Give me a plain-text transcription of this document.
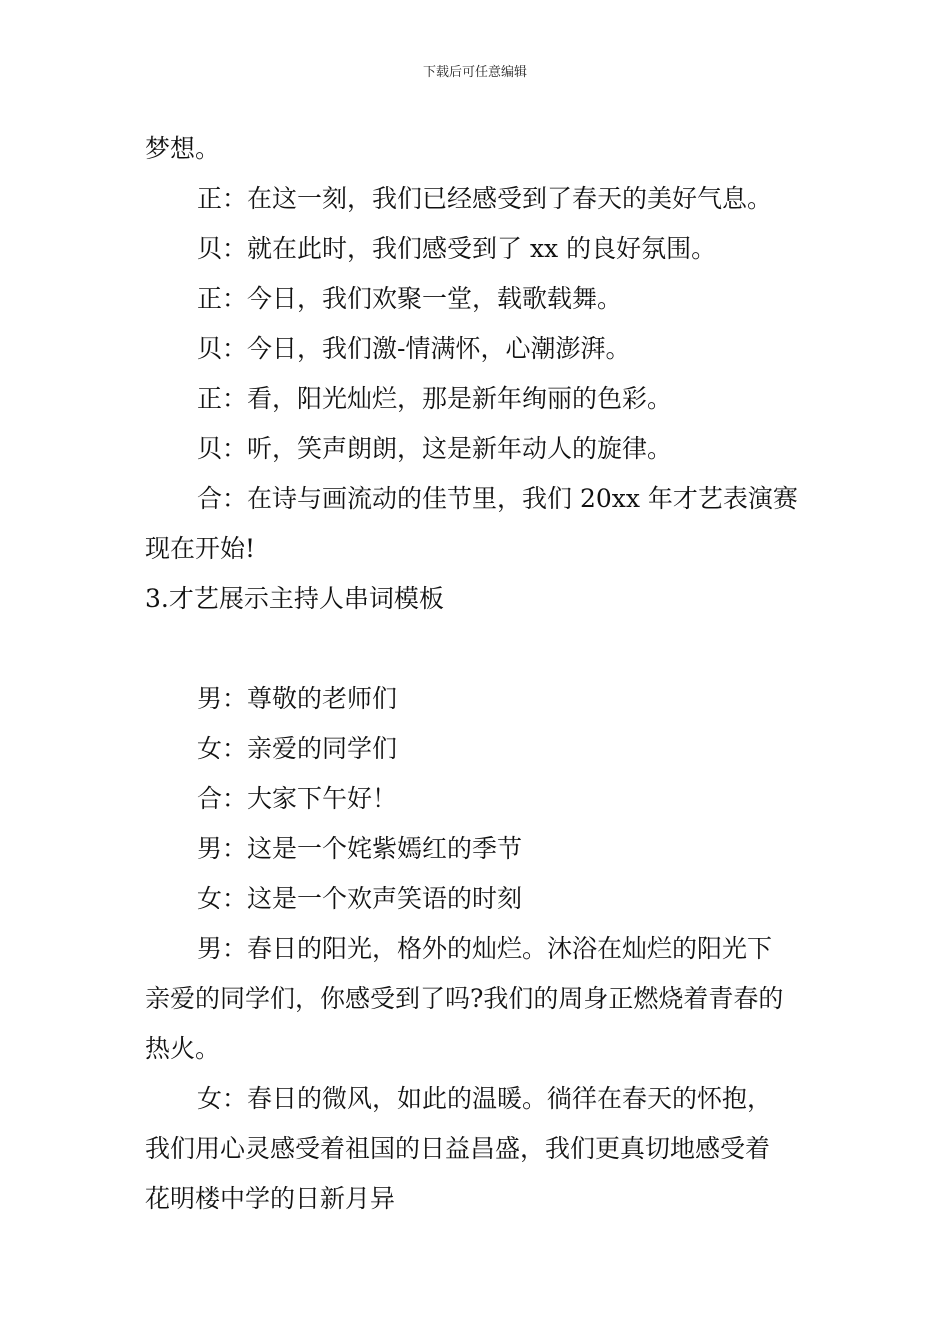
下载后可任意编辑
梦想。
正：在这一刻，我们已经感受到了春天的美好气息。
贝：就在此时，我们感受到了 xx 的良好氛围。
正：今日，我们欢聚一堂，载歌载舞。
贝：今日，我们激-情满怀，心潮澎湃。
正：看，阳光灿烂，那是新年绚丽的色彩。
贝：听，笑声朗朗，这是新年动人的旋律。
合：在诗与画流动的佳节里，我们 20xx 年才艺表演赛
现在开始!
3.才艺展示主持人串词模板
男：尊敬的老师们
女：亲爱的同学们
合：大家下午好！
男：这是一个姹紫嫣红的季节
女：这是一个欢声笑语的时刻
男：春日的阳光，格外的灿烂。沐浴在灿烂的阳光下
亲爱的同学们，你感受到了吗?我们的周身正燃烧着青春的
热火。
女：春日的微风，如此的温暖。徜徉在春天的怀抱，
我们用心灵感受着祖国的日益昌盛，我们更真切地感受着
花明楼中学的日新月异
